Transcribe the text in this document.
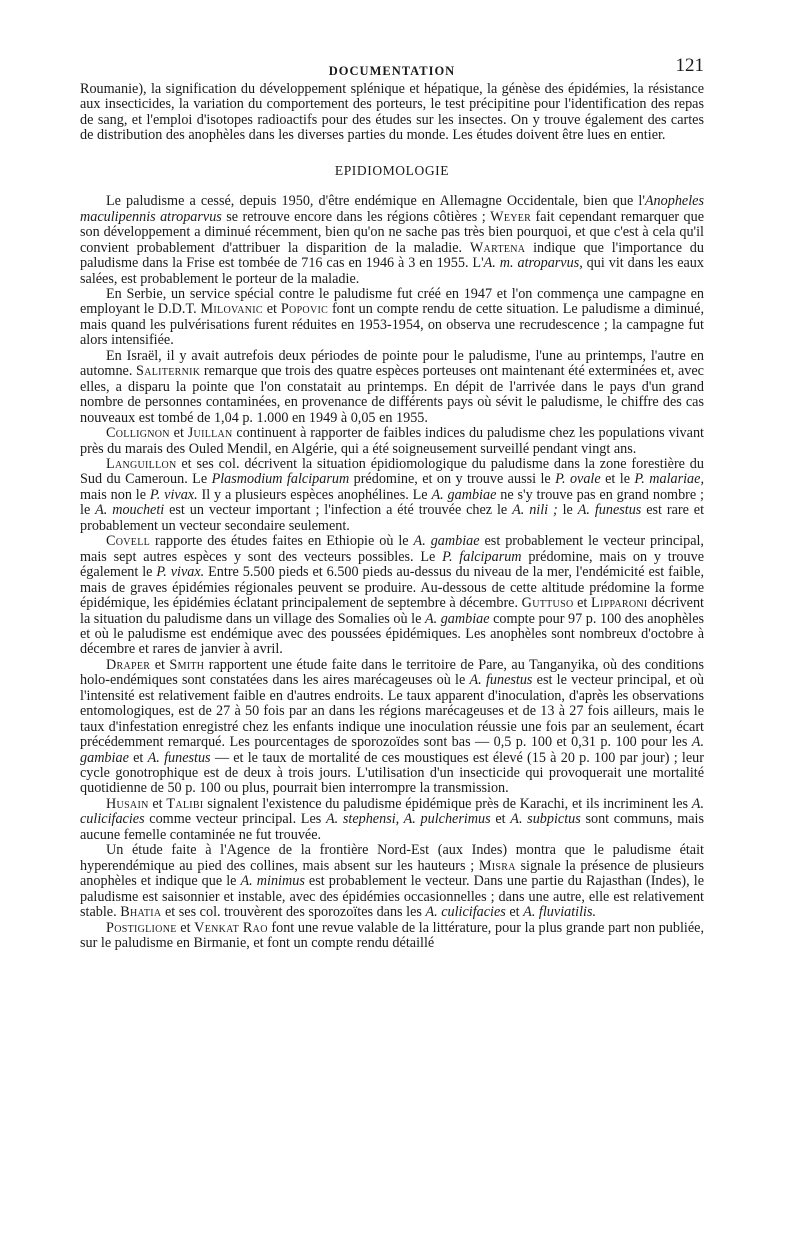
DOCUMENTATION	121

Roumanie), la signification du développement splénique et hépatique, la génèse des épidémies, la résistance aux insecticides, la variation du comportement des porteurs, le test précipitine pour l'identification des repas de sang, et l'emploi d'isotopes radioactifs pour des études sur les insectes. On y trouve également des cartes de distribution des anophèles dans les diverses parties du monde. Les études doivent être lues en entier.

EPIDIOMOLOGIE

Le paludisme a cessé, depuis 1950, d'être endémique en Allemagne Occidentale, bien que l'Anopheles maculipennis atroparvus se retrouve encore dans les régions côtières ; Weyer fait cependant remarquer que son développement a diminué récemment, bien qu'on ne sache pas très bien pourquoi, et que c'est à cela qu'il convient probablement d'attribuer la disparition de la maladie. Wartena indique que l'importance du paludisme dans la Frise est tombée de 716 cas en 1946 à 3 en 1955. L'A. m. atroparvus, qui vit dans les eaux salées, est probablement le porteur de la maladie.

En Serbie, un service spécial contre le paludisme fut créé en 1947 et l'on commença une campagne en employant le D.D.T. Milovanic et Popovic font un compte rendu de cette situation. Le paludisme a diminué, mais quand les pulvérisations furent réduites en 1953-1954, on observa une recrudescence ; la campagne fut alors intensifiée.

En Israël, il y avait autrefois deux périodes de pointe pour le paludisme, l'une au printemps, l'autre en automne. Saliternik remarque que trois des quatre espèces porteuses ont maintenant été exterminées et, avec elles, a disparu la pointe que l'on constatait au printemps. En dépit de l'arrivée dans le pays d'un grand nombre de personnes contaminées, en provenance de différents pays où sévit le paludisme, le chiffre des cas nouveaux est tombé de 1,04 p. 1.000 en 1949 à 0,05 en 1955.

Collignon et Juillan continuent à rapporter de faibles indices du paludisme chez les populations vivant près du marais des Ouled Mendil, en Algérie, qui a été soigneusement surveillé pendant vingt ans.

Languillon et ses col. décrivent la situation épidiomologique du paludisme dans la zone forestière du Sud du Cameroun. Le Plasmodium falciparum prédomine, et on y trouve aussi le P. ovale et le P. malariae, mais non le P. vivax. Il y a plusieurs espèces anophélines. Le A. gambiae ne s'y trouve pas en grand nombre ; le A. moucheti est un vecteur important ; l'infection a été trouvée chez le A. nili ; le A. funestus est rare et probablement un vecteur secondaire seulement.

Covell rapporte des études faites en Ethiopie où le A. gambiae est probablement le vecteur principal, mais sept autres espèces y sont des vecteurs possibles. Le P. falciparum prédomine, mais on y trouve également le P. vivax. Entre 5.500 pieds et 6.500 pieds au-dessus du niveau de la mer, l'endémicité est faible, mais de graves épidémies régionales peuvent se produire. Au-dessous de cette altitude prédomine la forme épidémique, les épidémies éclatant principalement de septembre à décembre. Guttuso et Lipparoni décrivent la situation du paludisme dans un village des Somalies où le A. gambiae compte pour 97 p. 100 des anophèles et où le paludisme est endémique avec des poussées épidémiques. Les anophèles sont nombreux d'octobre à décembre et rares de janvier à avril.

Draper et Smith rapportent une étude faite dans le territoire de Pare, au Tanganyika, où des conditions holo-endémiques sont constatées dans les aires marécageuses où le A. funestus est le vecteur principal, et où l'intensité est relativement faible en d'autres endroits. Le taux apparent d'inoculation, d'après les observations entomologiques, est de 27 à 50 fois par an dans les régions marécageuses et de 13 à 27 fois ailleurs, mais le taux d'infestation enregistré chez les enfants indique une inoculation réussie une fois par an seulement, écart précédemment remarqué. Les pourcentages de sporozoïdes sont bas — 0,5 p. 100 et 0,31 p. 100 pour les A. gambiae et A. funestus — et le taux de mortalité de ces moustiques est élevé (15 à 20 p. 100 par jour) ; leur cycle gonotrophique est de deux à trois jours. L'utilisation d'un insecticide qui provoquerait une mortalité quotidienne de 50 p. 100 ou plus, pourrait bien interrompre la transmission.

Husain et Talibi signalent l'existence du paludisme épidémique près de Karachi, et ils incriminent les A. culicifacies comme vecteur principal. Les A. stephensi, A. pulcherimus et A. subpictus sont communs, mais aucune femelle contaminée ne fut trouvée.

Un étude faite à l'Agence de la frontière Nord-Est (aux Indes) montra que le paludisme était hyperendémique au pied des collines, mais absent sur les hauteurs ; Misra signale la présence de plusieurs anophèles et indique que le A. minimus est probablement le vecteur. Dans une partie du Rajasthan (Indes), le paludisme est saisonnier et instable, avec des épidémies occasionnelles ; dans une autre, elle est relativement stable. Bhatia et ses col. trouvèrent des sporozoïtes dans les A. culicifacies et A. fluviatilis.

Postiglione et Venkat Rao font une revue valable de la littérature, pour la plus grande part non publiée, sur le paludisme en Birmanie, et font un compte rendu détaillé
